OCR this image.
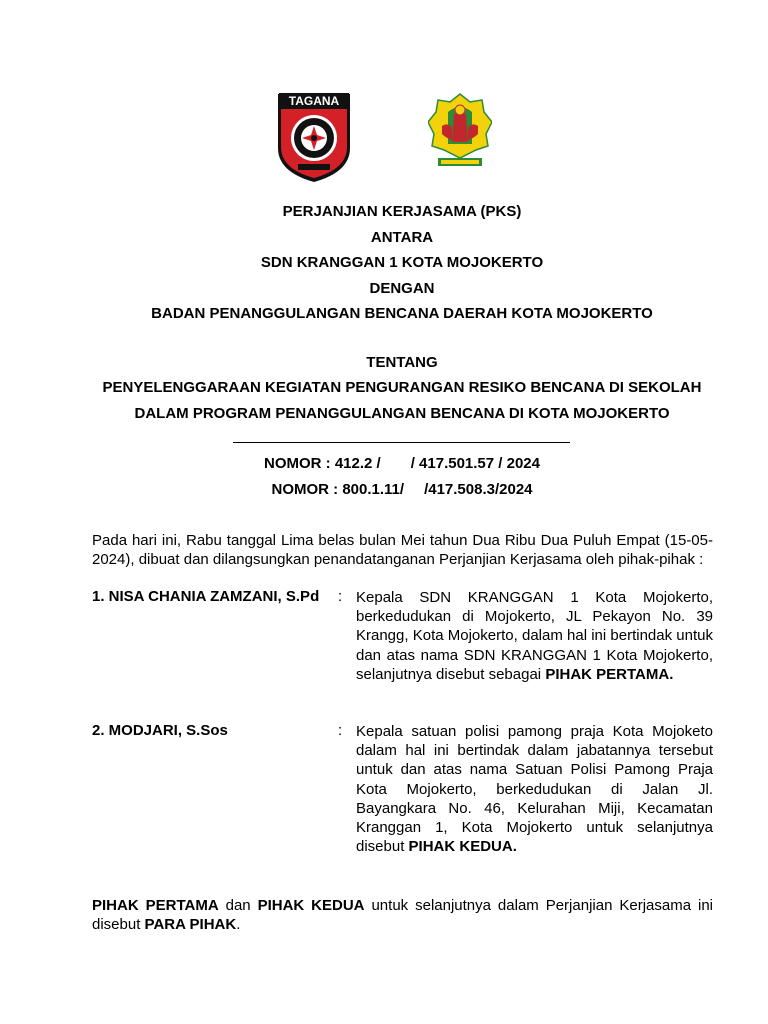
TAGANA
PERJANJIAN KERJASAMA (PKS)
ANTARA
SDN KRANGGAN 1 KOTA MOJOKERTO
DENGAN
BADAN PENANGGULANGAN BENCANA DAERAH KOTA MOJOKERTO
TENTANG
PENYELENGGARAAN KEGIATAN PENGURANGAN RESIKO BENCANA DI SEKOLAH
DALAM PROGRAM PENANGGULANGAN BENCANA DI KOTA MOJOKERTO
NOMOR : 412.2 / / 417.501.57 / 2024
NOMOR : 800.1.11/ /417.508.3/2024
Pada hari ini, Rabu tanggal Lima belas bulan Mei tahun Dua Ribu Dua Puluh Empat (15-05-2024), dibuat dan dilangsungkan penandatanganan Perjanjian Kerjasama oleh pihak-pihak :
1. NISA CHANIA ZAMZANI, S.Pd	: Kepala SDN KRANGGAN 1 Kota Mojokerto, berkedudukan di Mojokerto, JL Pekayon No. 39 Krangg, Kota Mojokerto, dalam hal ini bertindak untuk dan atas nama SDN KRANGGAN 1 Kota Mojokerto, selanjutnya disebut sebagai PIHAK PERTAMA.
2. MODJARI, S.Sos	: Kepala satuan polisi pamong praja Kota Mojoketo dalam hal ini bertindak dalam jabatannya tersebut untuk dan atas nama Satuan Polisi Pamong Praja Kota Mojokerto, berkedudukan di Jalan Jl. Bayangkara No. 46, Kelurahan Miji, Kecamatan Kranggan 1, Kota Mojokerto untuk selanjutnya disebut PIHAK KEDUA.
PIHAK PERTAMA dan PIHAK KEDUA untuk selanjutnya dalam Perjanjian Kerjasama ini disebut PARA PIHAK.
